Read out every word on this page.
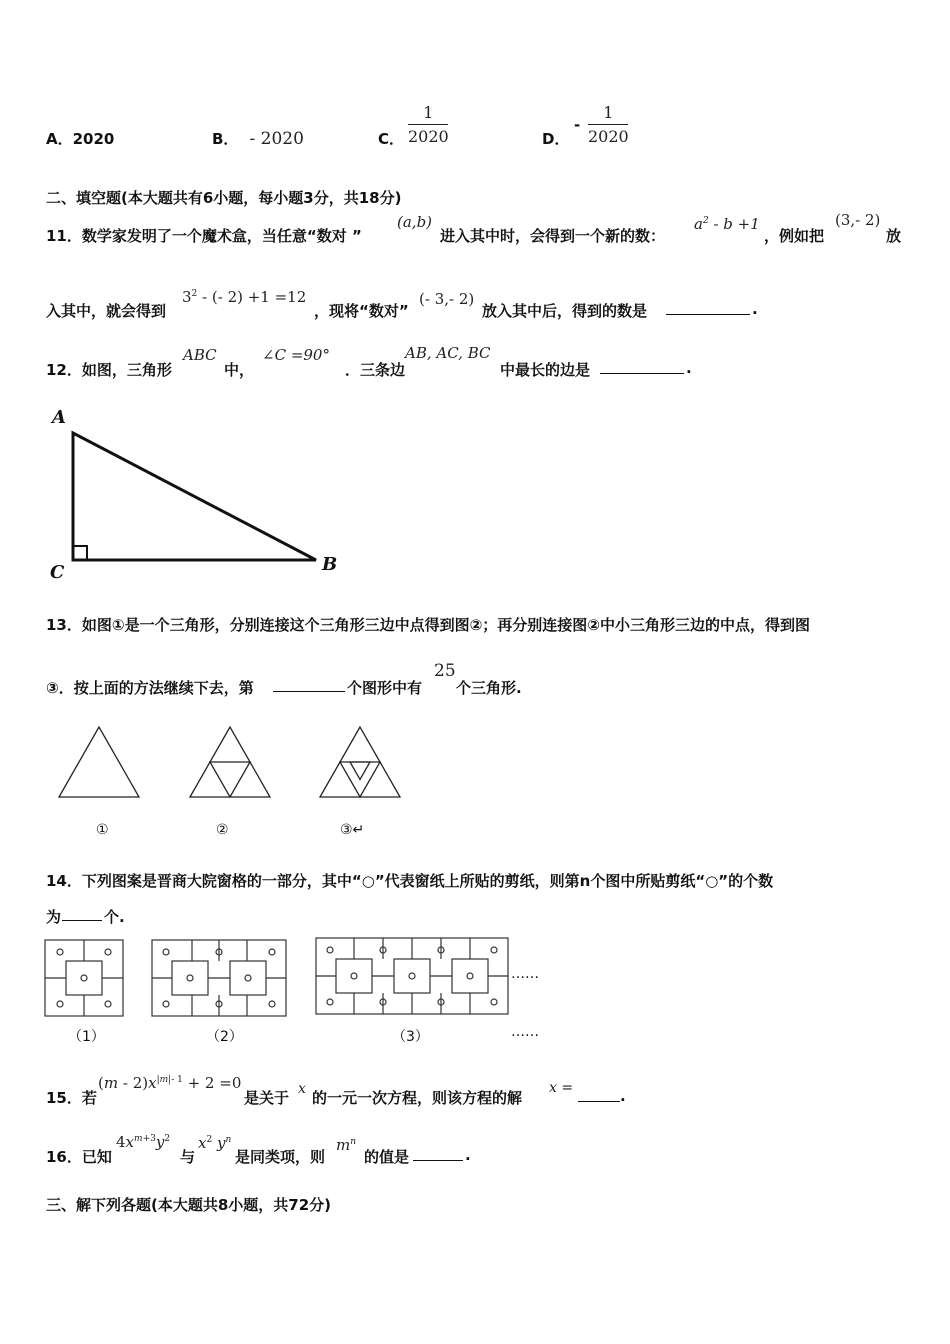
A．2020	B． - 2020	C．
1
2020	D．
-
1
2020
二、填空题(本大题共有6小题，每小题3分，共18分)
11．数学家发明了一个魔术盒，当任意“数对 ”
(a,b)
进入其中时，会得到一个新的数：
$a^2 - b +1$
，例如把
(3,- 2)
放
入其中，就会得到
$3^2$ - (- 2) +1 =12
，现将“数对”
(- 3,- 2)
放入其中后，得到的数是	.
12．如图，三角形
ABC
中，
∠C =90°
．三条边
AB, AC, BC
中最长的边是	.
A
B
C
13．如图①是一个三角形，分别连接这个三角形三边中点得到图②；再分别连接图②中小三角形三边的中点，得到图
③．按上面的方法继续下去，第	个图形中有
25
个三角形.
①	②	③↵
14．下列图案是晋商大院窗格的一部分，其中“○”代表窗纸上所贴的剪纸，则第n个图中所贴剪纸“○”的个数
为	个.
……
（1）	（2）	（3）	……
15．若
$(m - 2)x^{|m|- 1} + 2 =0$
是关于 x 的一元一次方程，则该方程的解
x =	.
16．已知
$4x^{m+3}y^2$
与
$x^2$ $y^n$
是同类项，则
$m^n$
的值是	.
三、解下列各题(本大题共8小题，共72分)
